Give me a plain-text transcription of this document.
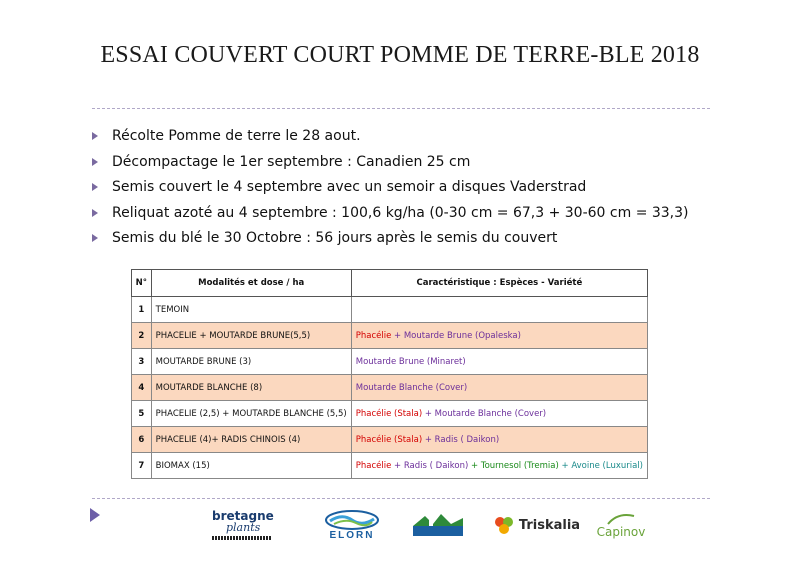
ESSAI COUVERT COURT POMME DE TERRE-BLE 2018
Récolte Pomme de terre le 28 aout.
Décompactage le 1er septembre : Canadien 25 cm
Semis couvert le 4 septembre avec un semoir a disques Vaderstrad
Reliquat azoté au 4 septembre : 100,6 kg/ha (0-30 cm = 67,3 + 30-60 cm = 33,3)
Semis du blé le 30 Octobre : 56 jours après le semis du couvert
N°	Modalités et dose / ha	Caractéristique : Espèces - Variété
1	TEMOIN	
2	PHACELIE + MOUTARDE BRUNE(5,5)	Phacélie + Moutarde Brune (Opaleska)
3	MOUTARDE BRUNE (3)	Moutarde Brune (Minaret)
4	MOUTARDE BLANCHE (8)	Moutarde Blanche (Cover)
5	PHACELIE (2,5) + MOUTARDE BLANCHE (5,5)	Phacélie (Stala) + Moutarde Blanche (Cover)
6	PHACELIE (4)+ RADIS CHINOIS (4)	Phacélie (Stala) + Radis ( Daikon)
7	BIOMAX (15)	Phacélie + Radis ( Daikon) + Tournesol (Tremia) + Avoine (Luxurial)
bretagne
plants
ELORN
Triskalia Capinov
